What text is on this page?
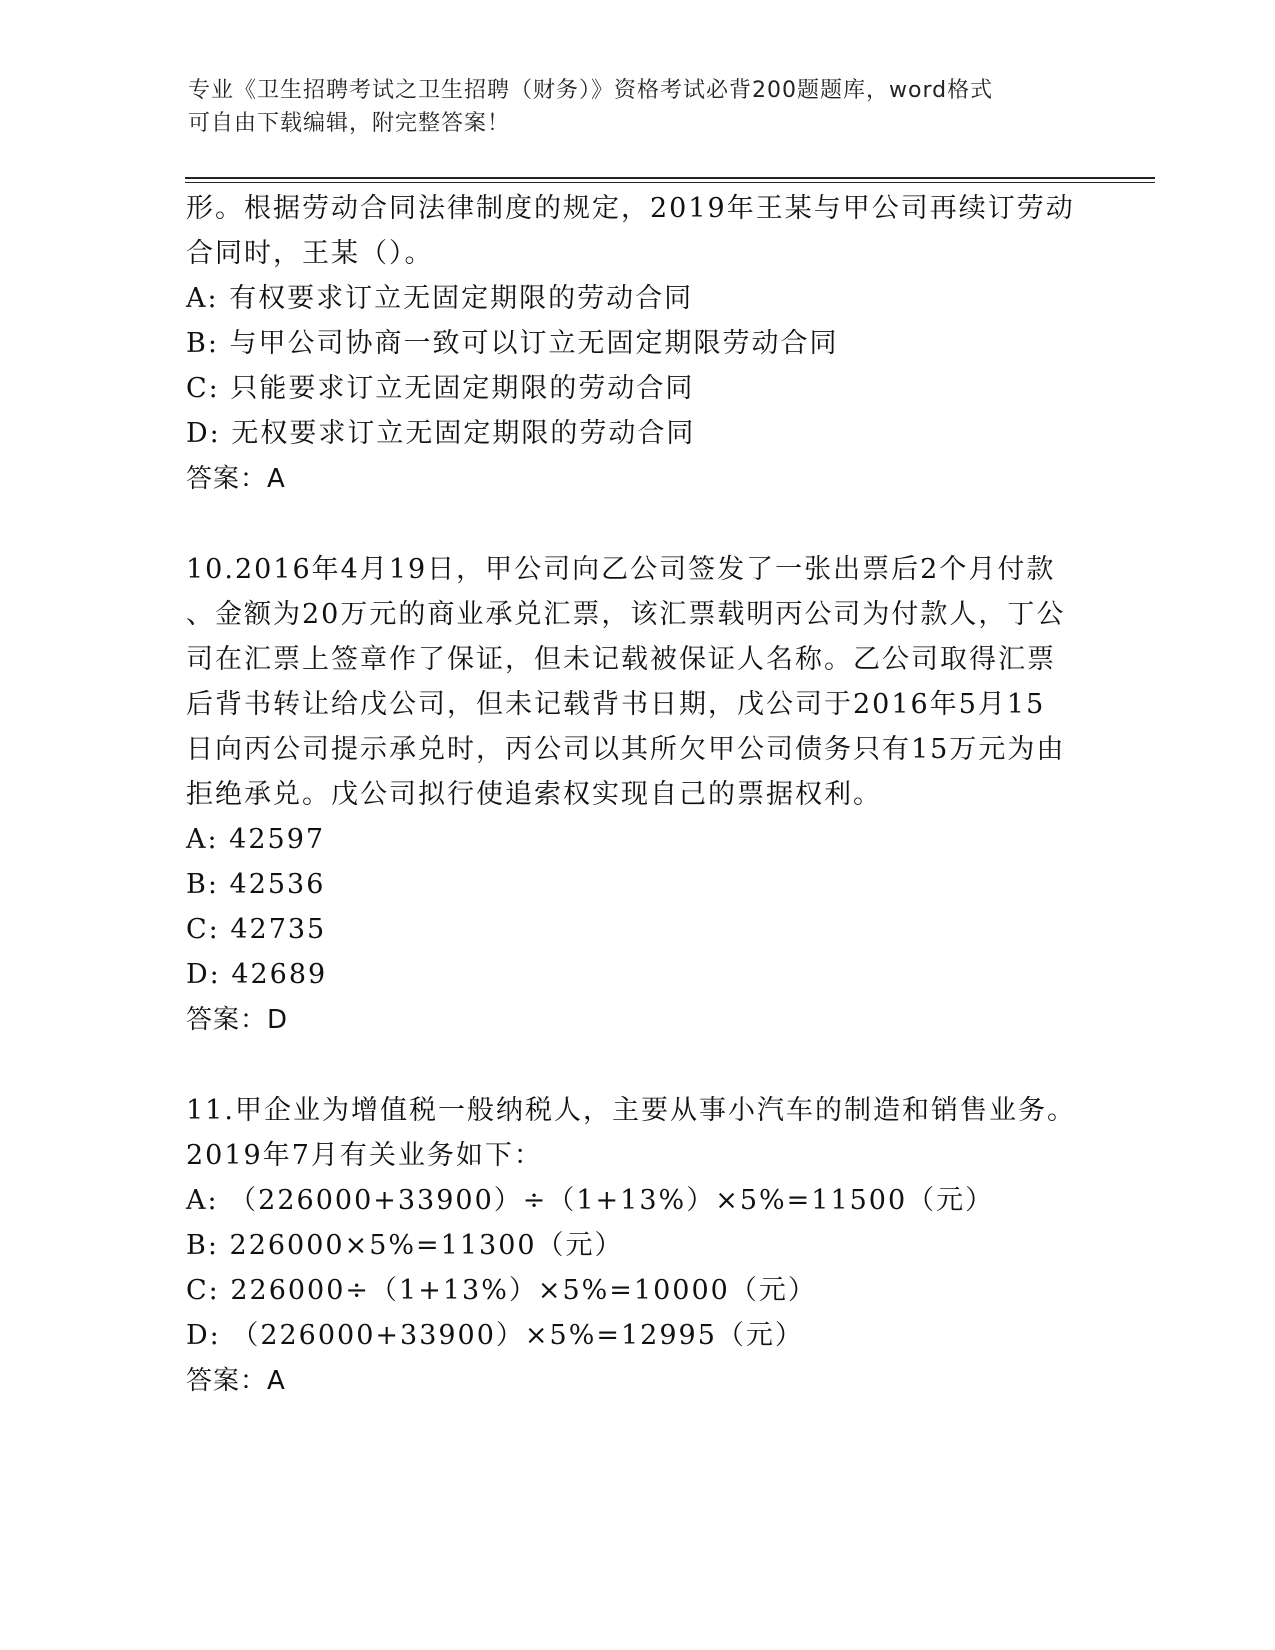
专业《卫生招聘考试之卫生招聘（财务）》资格考试必背200题题库，word格式
可自由下载编辑，附完整答案！

形。根据劳动合同法律制度的规定，2019年王某与甲公司再续订劳动

合同时，王某（）。

A: 有权要求订立无固定期限的劳动合同

B: 与甲公司协商一致可以订立无固定期限劳动合同

C: 只能要求订立无固定期限的劳动合同

D: 无权要求订立无固定期限的劳动合同

答案：A

10.2016年4月19日，甲公司向乙公司签发了一张出票后2个月付款

、金额为20万元的商业承兑汇票，该汇票载明丙公司为付款人，丁公

司在汇票上签章作了保证，但未记载被保证人名称。乙公司取得汇票

后背书转让给戊公司，但未记载背书日期，戊公司于2016年5月15

日向丙公司提示承兑时，丙公司以其所欠甲公司债务只有15万元为由

拒绝承兑。戊公司拟行使追索权实现自己的票据权利。

A: 42597

B: 42536

C: 42735

D: 42689

答案：D

11.甲企业为增值税一般纳税人，主要从事小汽车的制造和销售业务。

2019年7月有关业务如下：

A: （226000+33900）÷（1+13%）×5%=11500（元）

B: 226000×5%=11300（元）

C: 226000÷（1+13%）×5%=10000（元）

D: （226000+33900）×5%=12995（元）

答案：A
